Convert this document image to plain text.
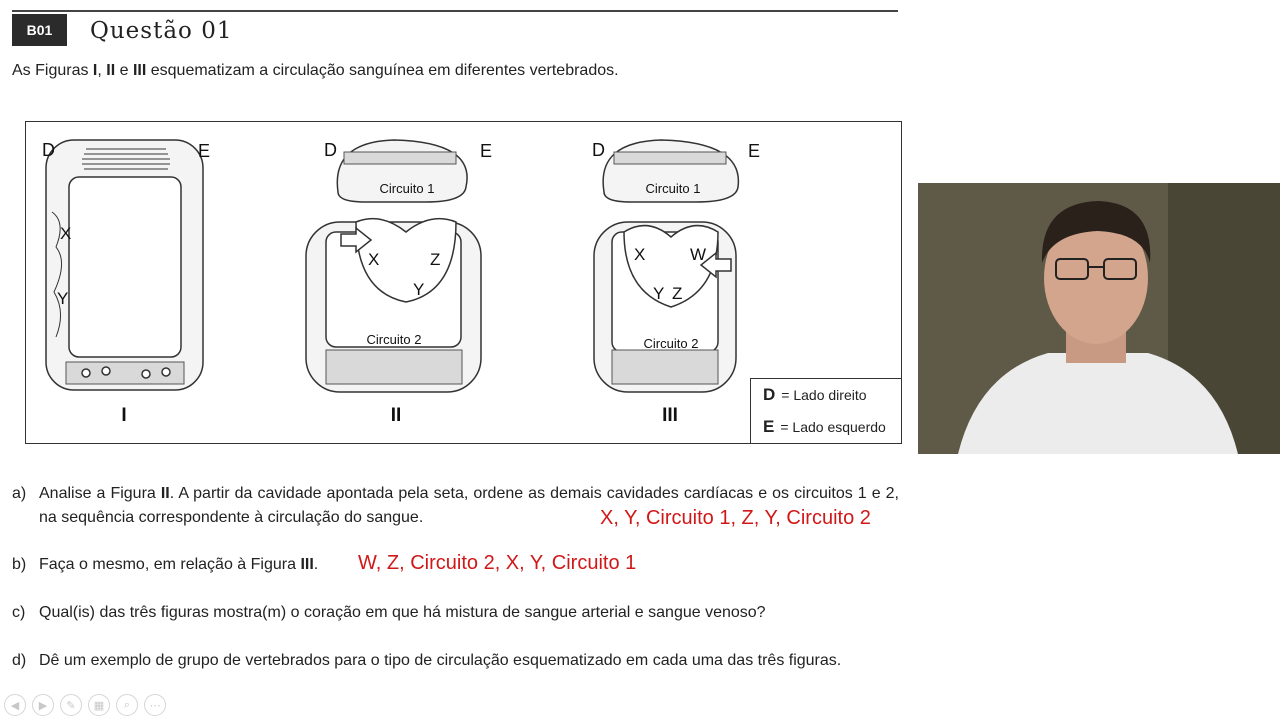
B01	Questão 01
As Figuras I, II e III esquematizam a circulação sanguínea em diferentes vertebrados.
D	E	D	E	D	E
X
Y
X	Z
Y
X	W
Y Z
Circuito 1
Circuito 2
Circuito 1
Circuito 2
I	II	III
D = Lado direito
E = Lado esquerdo
a) Analise a Figura II. A partir da cavidade apontada pela seta, ordene as demais cavidades cardíacas e os circuitos 1 e 2, na sequência correspondente à circulação do sangue.	X, Y, Circuito 1, Z, Y, Circuito 2
b) Faça o mesmo, em relação à Figura III.	W, Z, Circuito 2, X, Y, Circuito 1
c) Qual(is) das três figuras mostra(m) o coração em que há mistura de sangue arterial e sangue venoso?
d) Dê um exemplo de grupo de vertebrados para o tipo de circulação esquematizado em cada uma das três figuras.
◀	▶	✎	▦	⌕	⋯
